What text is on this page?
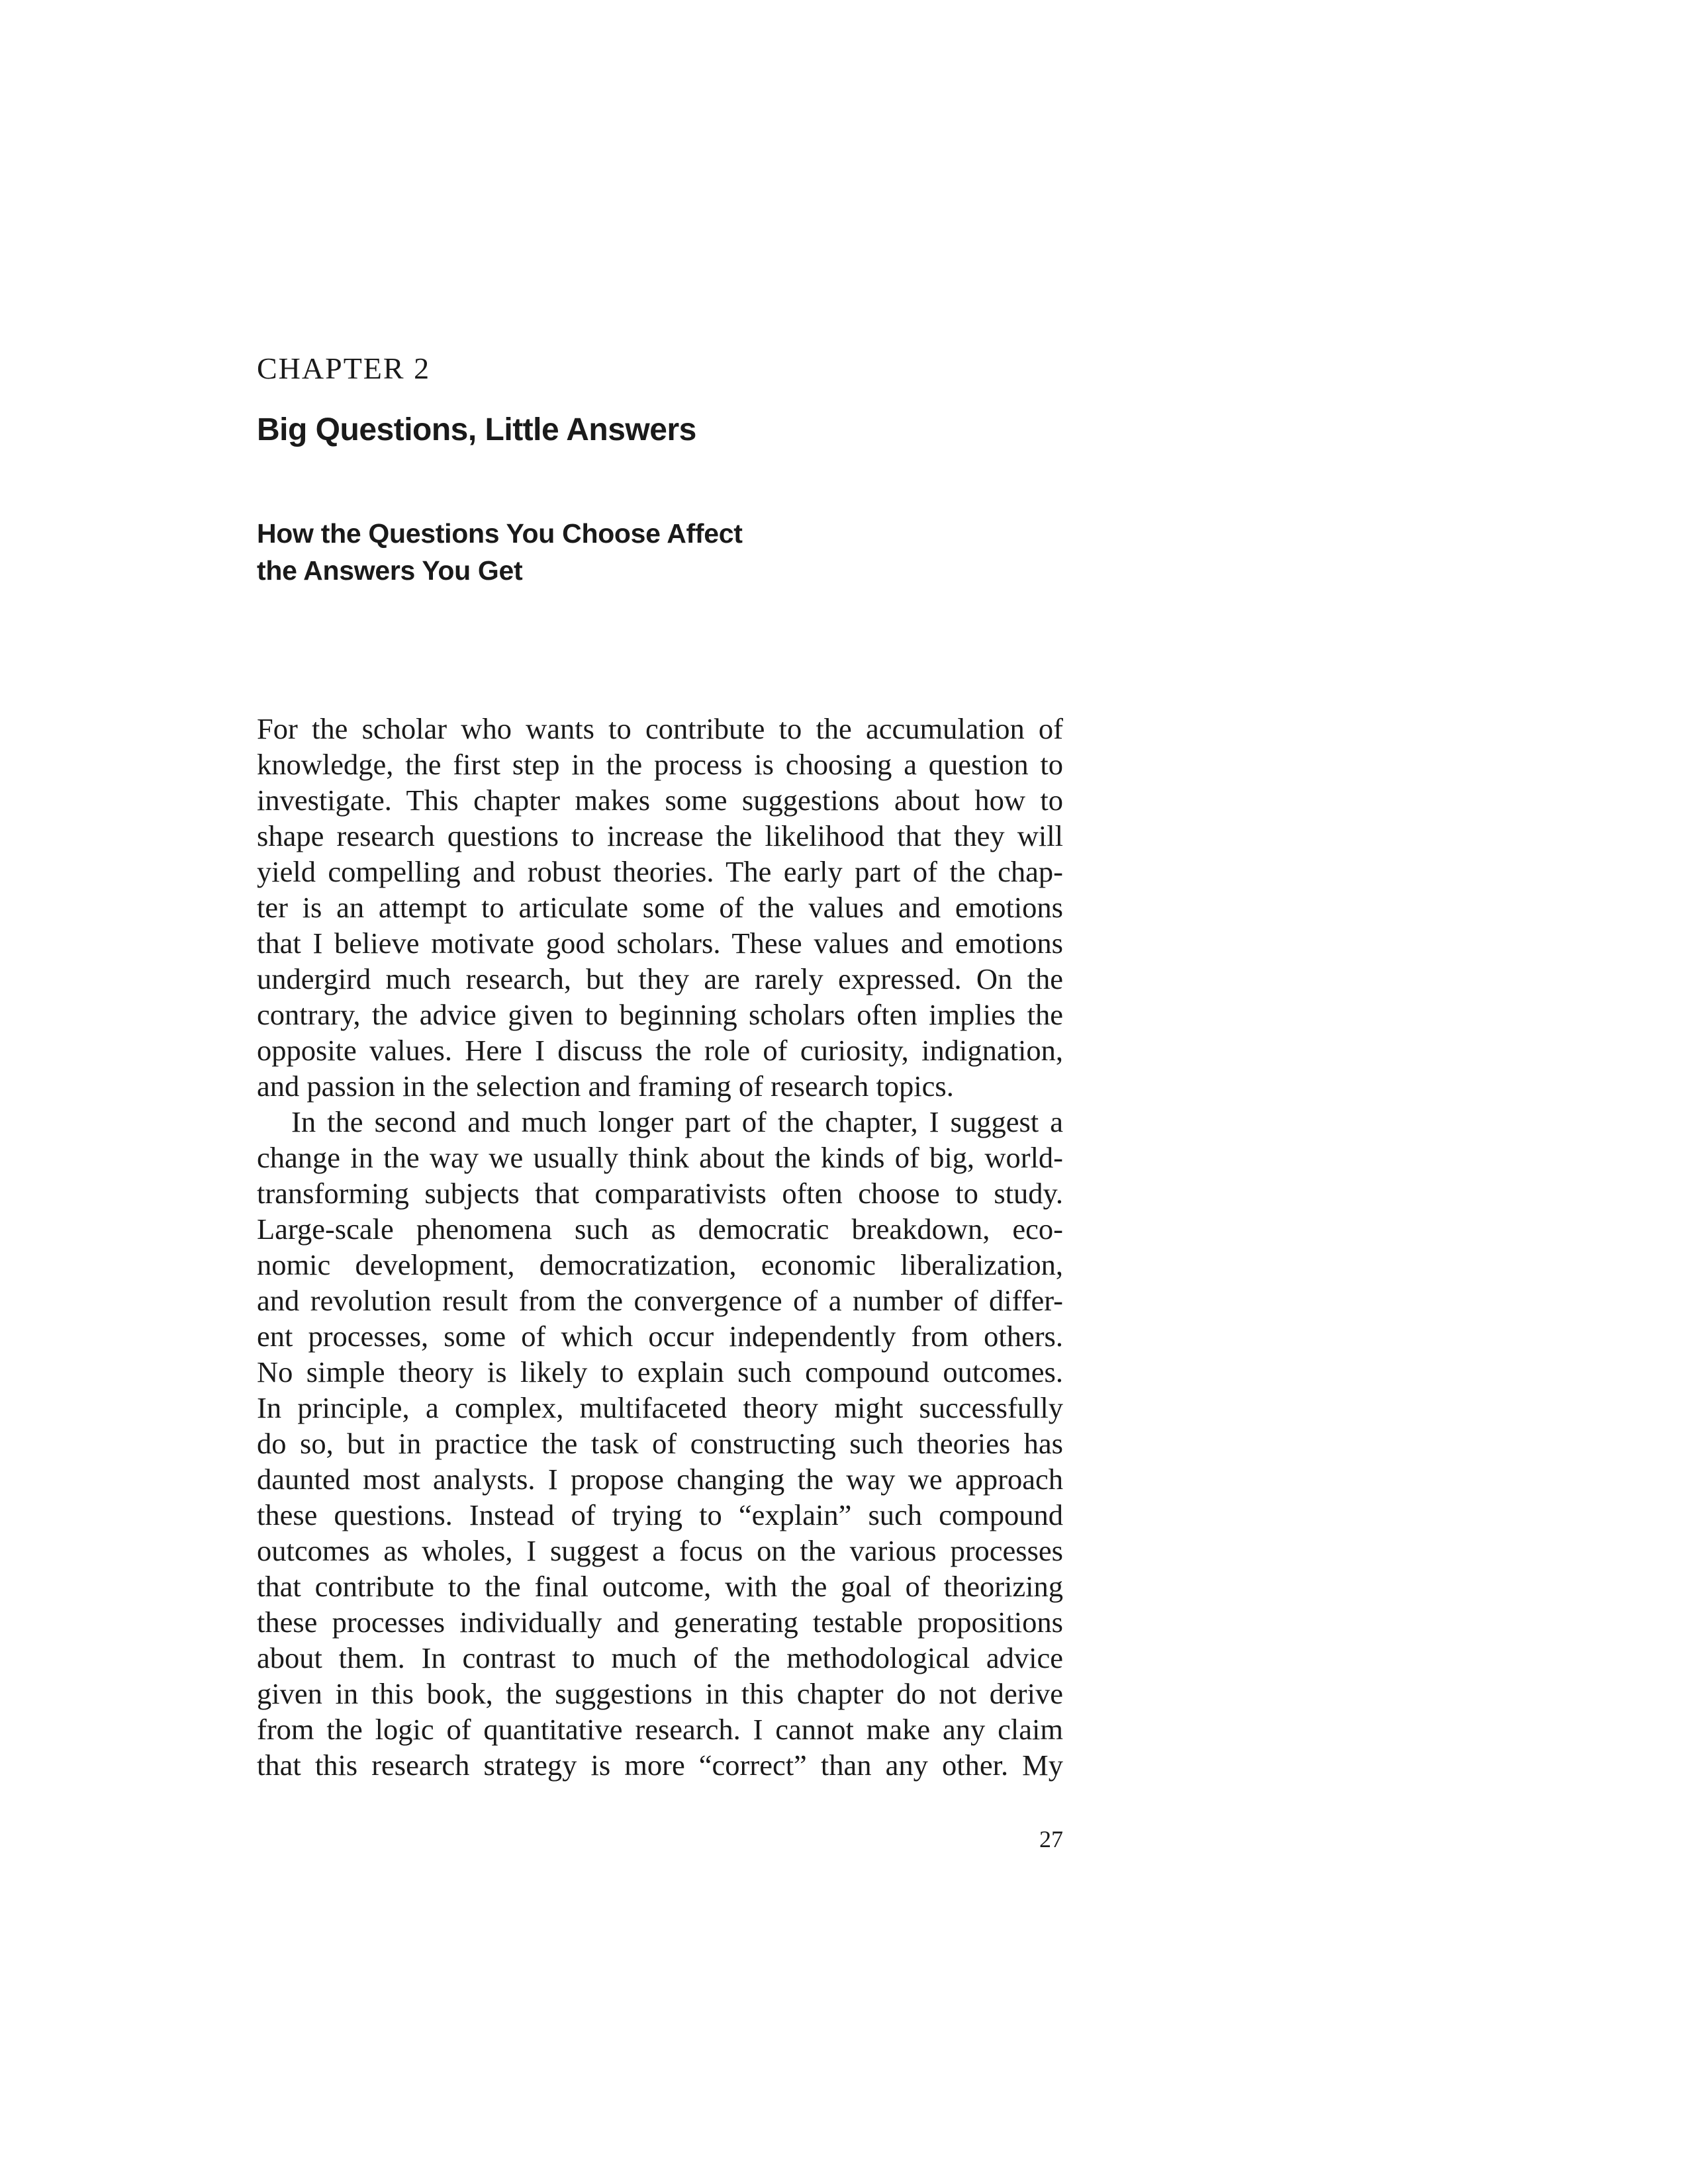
CHAPTER 2
Big Questions, Little Answers
How the Questions You Choose Affect
the Answers You Get
For the scholar who wants to contribute to the accumulation of
knowledge, the first step in the process is choosing a question to
investigate. This chapter makes some suggestions about how to
shape research questions to increase the likelihood that they will
yield compelling and robust theories. The early part of the chap-
ter is an attempt to articulate some of the values and emotions
that I believe motivate good scholars. These values and emotions
undergird much research, but they are rarely expressed. On the
contrary, the advice given to beginning scholars often implies the
opposite values. Here I discuss the role of curiosity, indignation,
and passion in the selection and framing of research topics.
In the second and much longer part of the chapter, I suggest a
change in the way we usually think about the kinds of big, world-
transforming subjects that comparativists often choose to study.
Large-scale phenomena such as democratic breakdown, eco-
nomic development, democratization, economic liberalization,
and revolution result from the convergence of a number of differ-
ent processes, some of which occur independently from others.
No simple theory is likely to explain such compound outcomes.
In principle, a complex, multifaceted theory might successfully
do so, but in practice the task of constructing such theories has
daunted most analysts. I propose changing the way we approach
these questions. Instead of trying to “explain” such compound
outcomes as wholes, I suggest a focus on the various processes
that contribute to the final outcome, with the goal of theorizing
these processes individually and generating testable propositions
about them. In contrast to much of the methodological advice
given in this book, the suggestions in this chapter do not derive
from the logic of quantitative research. I cannot make any claim
that this research strategy is more “correct” than any other. My
27
